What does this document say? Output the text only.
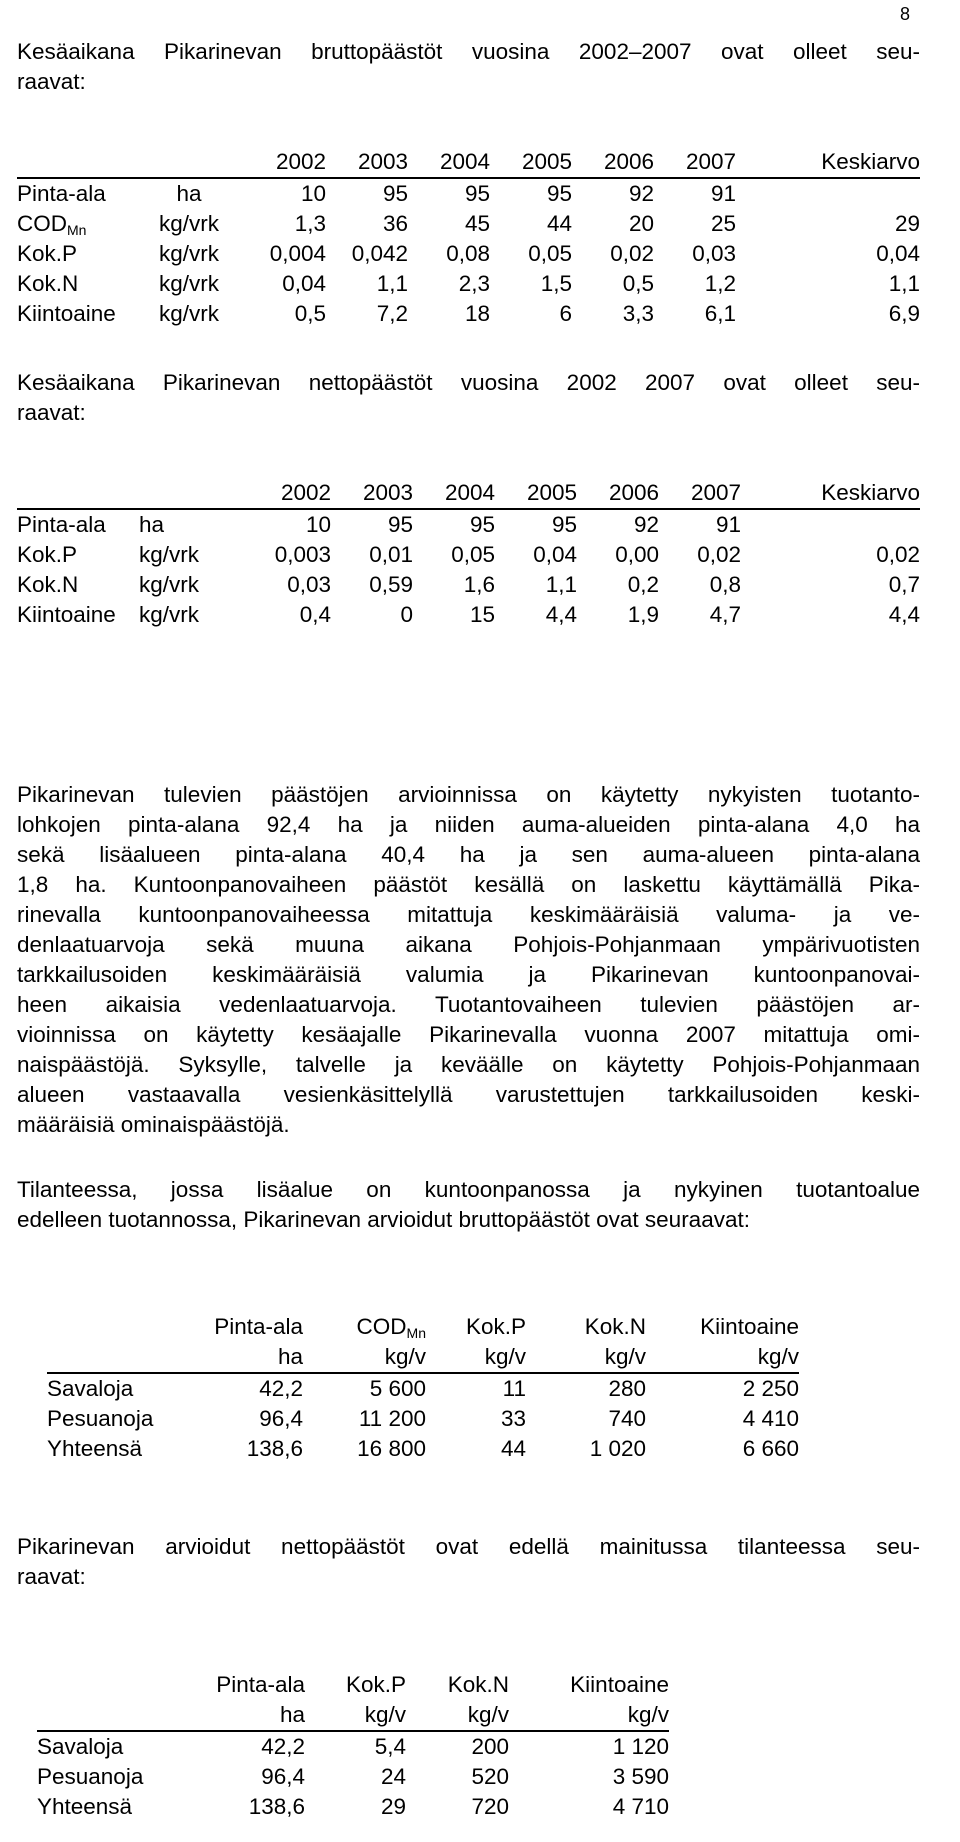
8
Kesäaikana Pikarinevan bruttopäästöt vuosina 2002–2007 ovat olleet seu-
raavat:
		2002	2003	2004	2005	2006	2007	Keskiarvo
Pinta-ala	ha	10	95	95	95	92	91	
$COD_{Mn}$	kg/vrk	1,3	36	45	44	20	25	29
Kok.P	kg/vrk	0,004	0,042	0,08	0,05	0,02	0,03	0,04
Kok.N	kg/vrk	0,04	1,1	2,3	1,5	0,5	1,2	1,1
Kiintoaine	kg/vrk	0,5	7,2	18	6	3,3	6,1	6,9
Kesäaikana Pikarinevan nettopäästöt vuosina 2002 2007 ovat olleet seu-
raavat:
		2002	2003	2004	2005	2006	2007	Keskiarvo
Pinta-ala	ha	10	95	95	95	92	91	
Kok.P	kg/vrk	0,003	0,01	0,05	0,04	0,00	0,02	0,02
Kok.N	kg/vrk	0,03	0,59	1,6	1,1	0,2	0,8	0,7
Kiintoaine	kg/vrk	0,4	0	15	4,4	1,9	4,7	4,4
Pikarinevan tulevien päästöjen arvioinnissa on käytetty nykyisten tuotanto-
lohkojen pinta-alana 92,4 ha ja niiden auma-alueiden pinta-alana 4,0 ha
sekä lisäalueen pinta-alana 40,4 ha ja sen auma-alueen pinta-alana
1,8 ha. Kuntoonpanovaiheen päästöt kesällä on laskettu käyttämällä Pika-
rinevalla kuntoonpanovaiheessa mitattuja keskimääräisiä valuma- ja ve-
denlaatuarvoja sekä muuna aikana Pohjois-Pohjanmaan ympärivuotisten
tarkkailusoiden keskimääräisiä valumia ja Pikarinevan kuntoonpanovai-
heen aikaisia vedenlaatuarvoja. Tuotantovaiheen tulevien päästöjen ar-
vioinnissa on käytetty kesäajalle Pikarinevalla vuonna 2007 mitattuja omi-
naispäästöjä. Syksylle, talvelle ja keväälle on käytetty Pohjois-Pohjanmaan
alueen vastaavalla vesienkäsittelyllä varustettujen tarkkailusoiden keski-
määräisiä ominaispäästöjä.
Tilanteessa, jossa lisäalue on kuntoonpanossa ja nykyinen tuotantoalue
edelleen tuotannossa, Pikarinevan arvioidut bruttopäästöt ovat seuraavat:
	Pinta-ala	$COD_{Mn}$	Kok.P	Kok.N	Kiintoaine
	ha	kg/v	kg/v	kg/v	kg/v
Savaloja	42,2	5 600	11	280	2 250
Pesuanoja	96,4	11 200	33	740	4 410
Yhteensä	138,6	16 800	44	1 020	6 660
Pikarinevan arvioidut nettopäästöt ovat edellä mainitussa tilanteessa seu-
raavat:
	Pinta-ala	Kok.P	Kok.N	Kiintoaine
	ha	kg/v	kg/v	kg/v
Savaloja	42,2	5,4	200	1 120
Pesuanoja	96,4	24	520	3 590
Yhteensä	138,6	29	720	4 710
